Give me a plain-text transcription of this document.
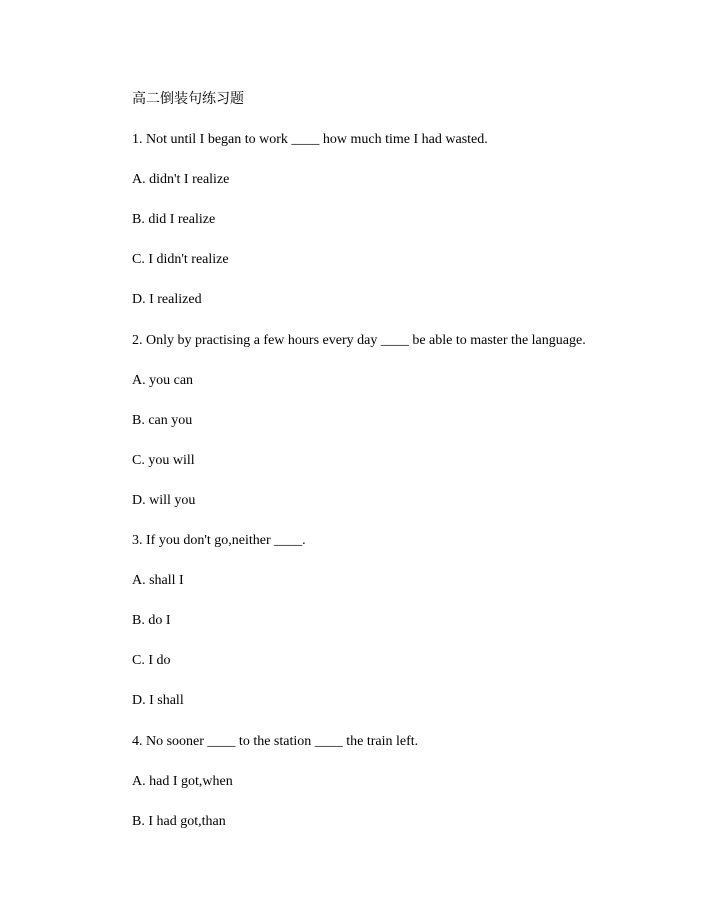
高二倒装句练习题
1. Not until I began to work ____ how much time I had wasted.
A. didn't I realize
B. did I realize
C. I didn't realize
D. I realized
2. Only by practising a few hours every day ____ be able to master the language.
A. you can
B. can you
C. you will
D. will you
3. If you don't go,neither ____.
A. shall I
B. do I
C. I do
D. I shall
4. No sooner ____ to the station ____ the train left.
A. had I got,when
B. I had got,than
